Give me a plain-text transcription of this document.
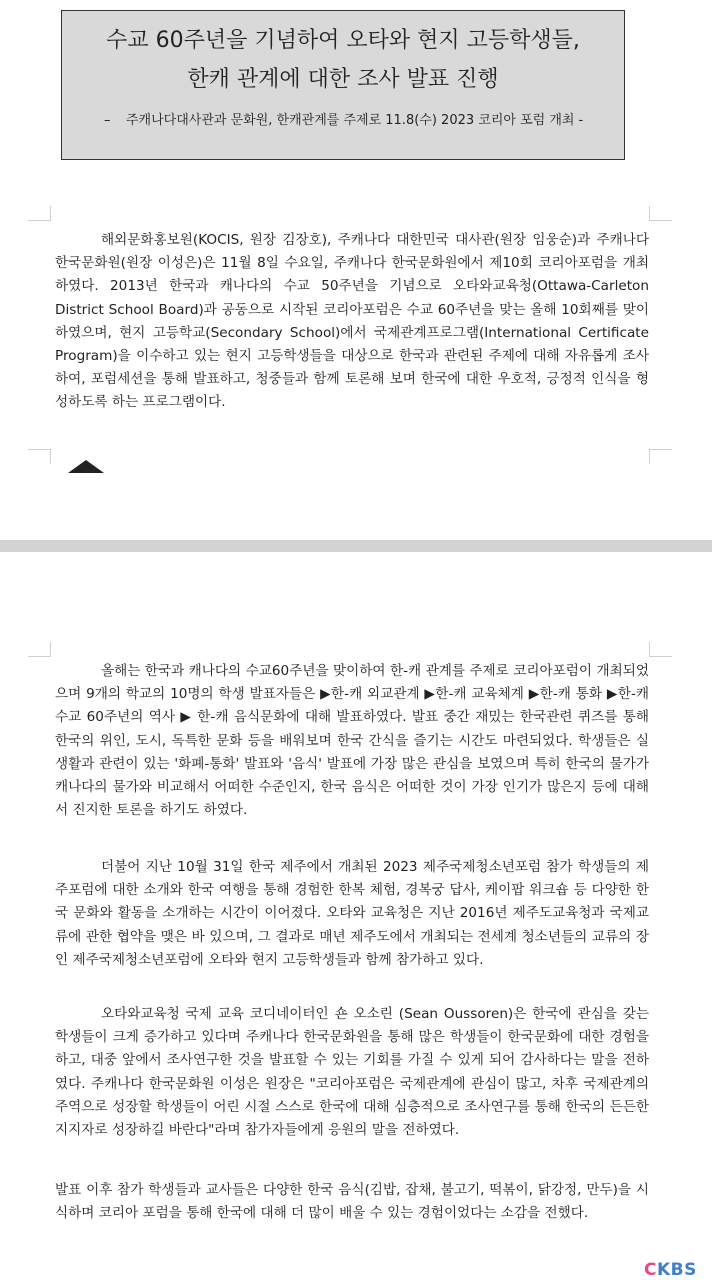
수교 60주년을 기념하여 오타와 현지 고등학생들,
한캐 관계에 대한 조사 발표 진행

– 주캐나다대사관과 문화원, 한캐관계를 주제로 11.8(수) 2023 코리아 포럼 개최 -

해외문화홍보원(KOCIS, 원장 김장호), 주캐나다 대한민국 대사관(원장 임웅순)과 주캐나다 한국문화원(원장 이성은)은 11월 8일 수요일, 주캐나다 한국문화원에서 제10회 코리아포럼을 개최하였다. 2013년 한국과 캐나다의 수교 50주년을 기념으로 오타와교육청(Ottawa-Carleton District School Board)과 공동으로 시작된 코리아포럼은 수교 60주년을 맞는 올해 10회째를 맞이하였으며, 현지 고등학교(Secondary School)에서 국제관계프로그램(International Certificate Program)을 이수하고 있는 현지 고등학생들을 대상으로 한국과 관련된 주제에 대해 자유롭게 조사하여, 포럼세션을 통해 발표하고, 청중들과 함께 토론해 보며 한국에 대한 우호적, 긍정적 인식을 형성하도록 하는 프로그램이다.

올해는 한국과 캐나다의 수교60주년을 맞이하여 한-캐 관계를 주제로 코리아포럼이 개최되었으며 9개의 학교의 10명의 학생 발표자들은 ▶한-캐 외교관계 ▶한-캐 교육체계 ▶한-캐 통화 ▶한-캐 수교 60주년의 역사 ▶ 한-캐 음식문화에 대해 발표하였다. 발표 중간 재밌는 한국관련 퀴즈를 통해 한국의 위인, 도시, 독특한 문화 등을 배워보며 한국 간식을 즐기는 시간도 마련되었다. 학생들은 실생활과 관련이 있는 '화폐-통화' 발표와 '음식' 발표에 가장 많은 관심을 보였으며 특히 한국의 물가가 캐나다의 물가와 비교해서 어떠한 수준인지, 한국 음식은 어떠한 것이 가장 인기가 많은지 등에 대해서 진지한 토론을 하기도 하였다.

더불어 지난 10월 31일 한국 제주에서 개최된 2023 제주국제청소년포럼 참가 학생들의 제주포럼에 대한 소개와 한국 여행을 통해 경험한 한복 체험, 경복궁 답사, 케이팝 워크숍 등 다양한 한국 문화와 활동을 소개하는 시간이 이어졌다. 오타와 교육청은 지난 2016년 제주도교육청과 국제교류에 관한 협약을 맺은 바 있으며, 그 결과로 매년 제주도에서 개최되는 전세계 청소년들의 교류의 장인 제주국제청소년포럼에 오타와 현지 고등학생들과 함께 참가하고 있다.

오타와교육청 국제 교육 코디네이터인 숀 오소린 (Sean Oussoren)은 한국에 관심을 갖는 학생들이 크게 증가하고 있다며 주캐나다 한국문화원을 통해 많은 학생들이 한국문화에 대한 경험을 하고, 대중 앞에서 조사연구한 것을 발표할 수 있는 기회를 가질 수 있게 되어 감사하다는 말을 전하였다. 주캐나다 한국문화원 이성은 원장은 "코리아포럼은 국제관계에 관심이 많고, 차후 국제관계의 주역으로 성장할 학생들이 어린 시절 스스로 한국에 대해 심층적으로 조사연구를 통해 한국의 든든한 지지자로 성장하길 바란다"라며 참가자들에게 응원의 말을 전하였다.

발표 이후 참가 학생들과 교사들은 다양한 한국 음식(김밥, 잡채, 불고기, 떡볶이, 닭강정, 만두)을 시식하며 코리아 포럼을 통해 한국에 대해 더 많이 배울 수 있는 경험이었다는 소감을 전했다.

CKBS
